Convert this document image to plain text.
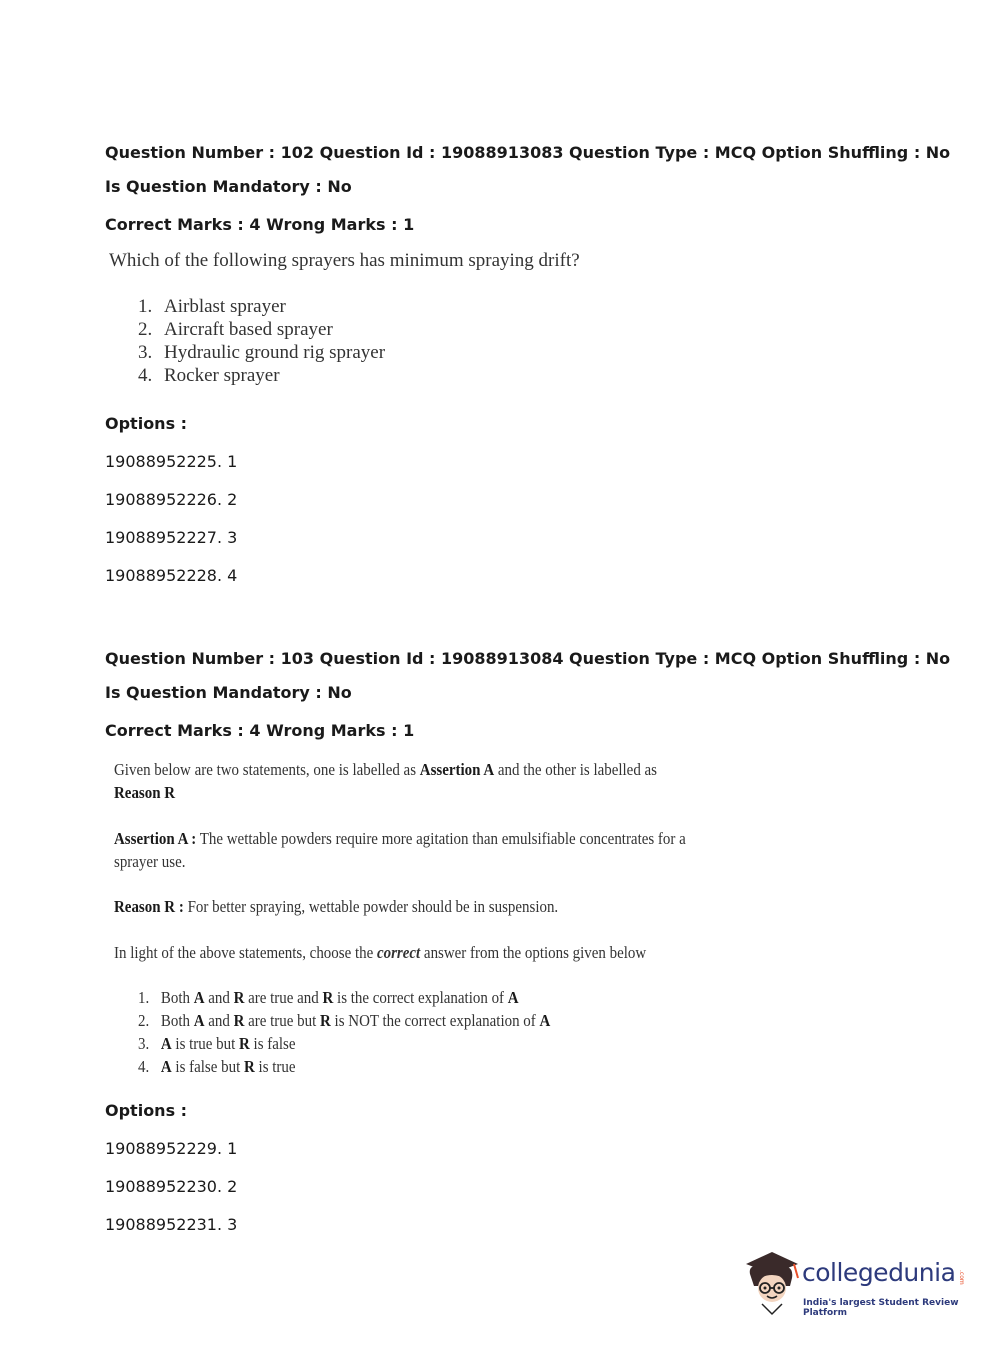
Question Number : 102 Question Id : 19088913083 Question Type : MCQ Option Shuffling : No
Is Question Mandatory : No
Correct Marks : 4 Wrong Marks : 1
Which of the following sprayers has minimum spraying drift?
1. Airblast sprayer
2. Aircraft based sprayer
3. Hydraulic ground rig sprayer
4. Rocker sprayer
Options :
19088952225. 1
19088952226. 2
19088952227. 3
19088952228. 4
Question Number : 103 Question Id : 19088913084 Question Type : MCQ Option Shuffling : No
Is Question Mandatory : No
Correct Marks : 4 Wrong Marks : 1
Given below are two statements, one is labelled as Assertion A and the other is labelled as
Reason R
Assertion A : The wettable powders require more agitation than emulsifiable concentrates for a
sprayer use.
Reason R : For better spraying, wettable powder should be in suspension.
In light of the above statements, choose the correct answer from the options given below
1. Both A and R are true and R is the correct explanation of A
2. Both A and R are true but R is NOT the correct explanation of A
3. A is true but R is false
4. A is false but R is true
Options :
19088952229. 1
19088952230. 2
19088952231. 3
collegedunia .com
India's largest Student Review Platform
